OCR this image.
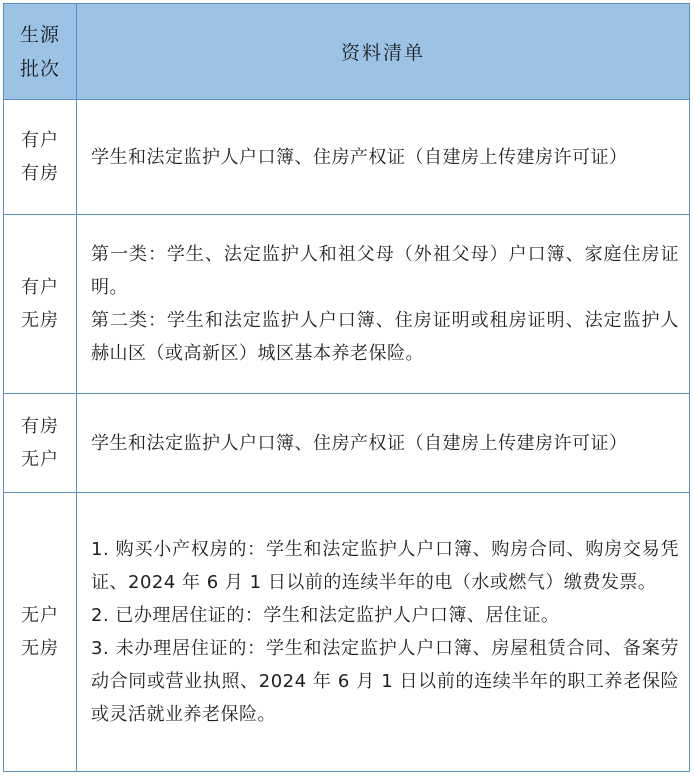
生源
批次	资料清单
有户
有房	学生和法定监护人户口簿、住房产权证（自建房上传建房许可证）

有户
无房	第一类：学生、法定监护人和祖父母（外祖父母）户口簿、家庭住房证明。
第二类：学生和法定监护人户口簿、住房证明或租房证明、法定监护人赫山区（或高新区）城区基本养老保险。

有房
无户	学生和法定监护人户口簿、住房产权证（自建房上传建房许可证）

无户
无房	1. 购买小产权房的：学生和法定监护人户口簿、购房合同、购房交易凭证、2024 年 6 月 1 日以前的连续半年的电（水或燃气）缴费发票。
2. 已办理居住证的：学生和法定监护人户口簿、居住证。
3. 未办理居住证的：学生和法定监护人户口簿、房屋租赁合同、备案劳动合同或营业执照、2024 年 6 月 1 日以前的连续半年的职工养老保险或灵活就业养老保险。
